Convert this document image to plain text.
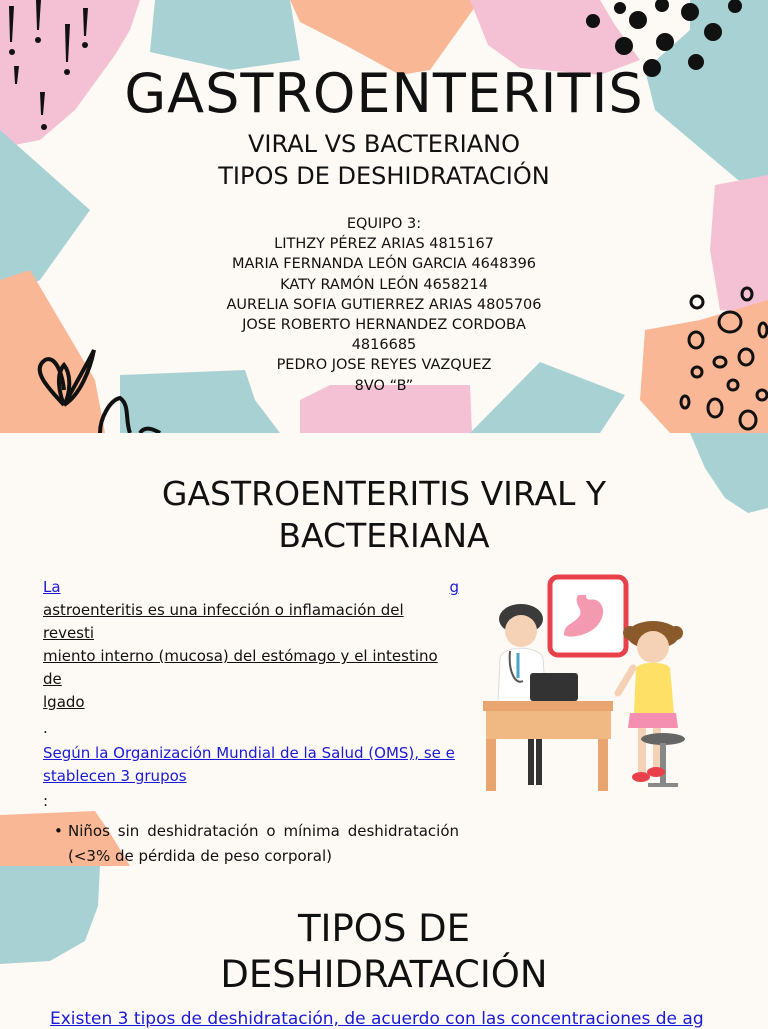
GASTROENTERITIS
VIRAL VS BACTERIANO
TIPOS DE DESHIDRATACIÓN
EQUIPO 3:
LITHZY PÉREZ ARIAS 4815167
MARIA FERNANDA LEÓN GARCIA 4648396
KATY RAMÓN LEÓN 4658214
AURELIA SOFIA GUTIERREZ ARIAS 4805706
JOSE ROBERTO HERNANDEZ CORDOBA
4816685
PEDRO JOSE REYES VAZQUEZ
8VO “B”
GASTROENTERITIS VIRAL Y
BACTERIANA
La	g
astroenteritis es una infección o inflamación del revesti
miento interno (mucosa) del estómago y el intestino de
lgado
.
Según la Organización Mundial de la Salud (OMS), se e
stablecen 3 grupos
:
• Niños sin deshidratación o mínima deshidratación (<3% de pérdida de peso corporal)
•
TIPOS DE
DESHIDRATACIÓN
Existen 3 tipos de deshidratación, de acuerdo con las concentraciones de ag
